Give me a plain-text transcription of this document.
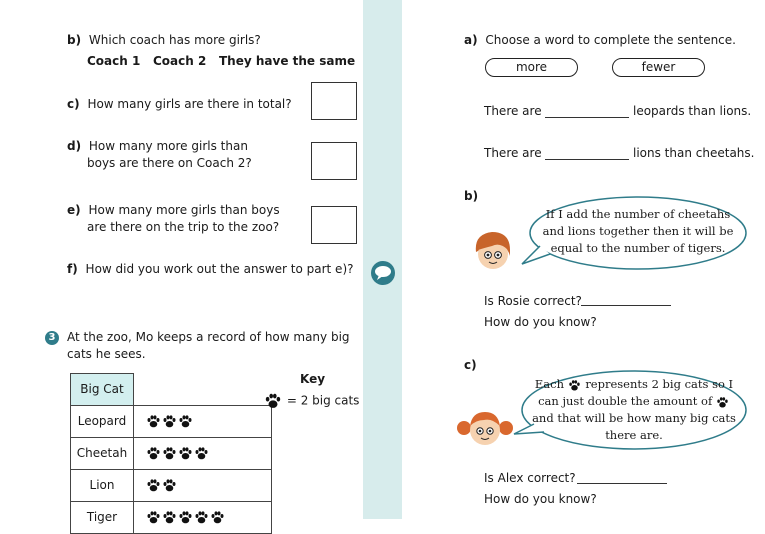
b) Which coach has more girls?
Coach 1 Coach 2 They have the same
c) How many girls are there in total?
d) How many more girls than
boys are there on Coach 2?
e) How many more girls than boys
are there on the trip to the zoo?
f) How did you work out the answer to part e)?
3 At the zoo, Mo keeps a record of how many big
cats he sees.
Big Cat	
Leopard	
Cheetah	
Lion	
Tiger	
Key
= 2 big cats
a) Choose a word to complete the sentence.
more	fewer
There are	leopards than lions.
There are	lions than cheetahs.
b)
If I add the number of cheetahs
and lions together then it will be
equal to the number of tigers.
Is Rosie correct?
How do you know?
c)
Each represents 2 big cats so I
can just double the amount of
and that will be how many big cats
there are.
Is Alex correct?
How do you know?
